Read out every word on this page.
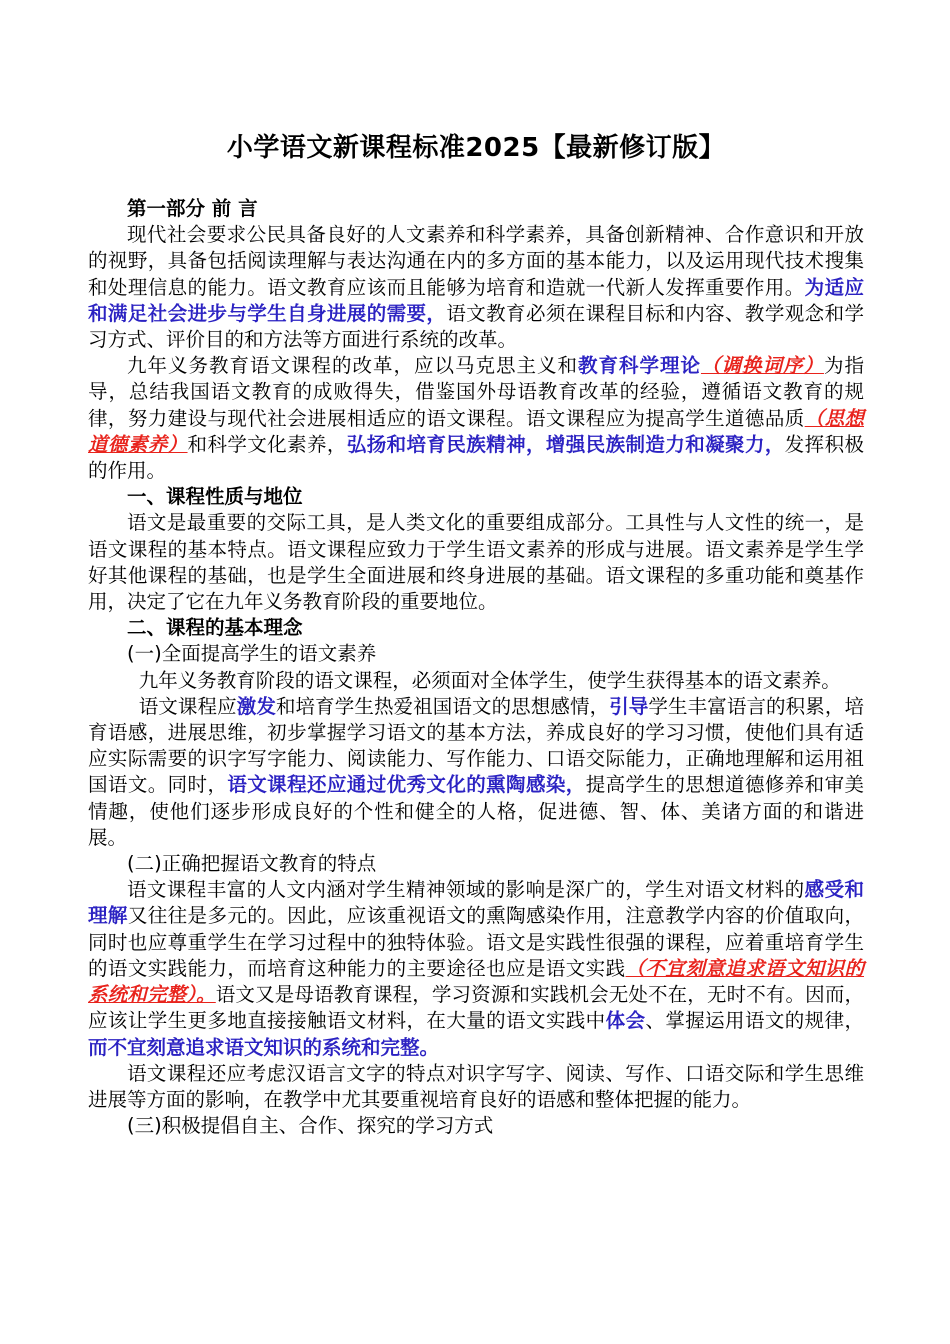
小学语文新课程标准2025【最新修订版】

第一部分 前 言

现代社会要求公民具备良好的人文素养和科学素养，具备创新精神、合作意识和开放的视野，具备包括阅读理解与表达沟通在内的多方面的基本能力，以及运用现代技术搜集和处理信息的能力。语文教育应该而且能够为培育和造就一代新人发挥重要作用。为适应和满足社会进步与学生自身进展的需要，语文教育必须在课程目标和内容、教学观念和学习方式、评价目的和方法等方面进行系统的改革。

九年义务教育语文课程的改革，应以马克思主义和教育科学理论（调换词序）为指导，总结我国语文教育的成败得失，借鉴国外母语教育改革的经验，遵循语文教育的规律，努力建设与现代社会进展相适应的语文课程。语文课程应为提高学生道德品质（思想道德素养）和科学文化素养，弘扬和培育民族精神，增强民族制造力和凝聚力，发挥积极的作用。

一、课程性质与地位

语文是最重要的交际工具，是人类文化的重要组成部分。工具性与人文性的统一，是语文课程的基本特点。语文课程应致力于学生语文素养的形成与进展。语文素养是学生学好其他课程的基础，也是学生全面进展和终身进展的基础。语文课程的多重功能和奠基作用，决定了它在九年义务教育阶段的重要地位。

二、课程的基本理念

(一)全面提高学生的语文素养

九年义务教育阶段的语文课程，必须面对全体学生，使学生获得基本的语文素养。

语文课程应激发和培育学生热爱祖国语文的思想感情，引导学生丰富语言的积累，培育语感，进展思维，初步掌握学习语文的基本方法，养成良好的学习习惯，使他们具有适应实际需要的识字写字能力、阅读能力、写作能力、口语交际能力，正确地理解和运用祖国语文。同时，语文课程还应通过优秀文化的熏陶感染，提高学生的思想道德修养和审美情趣，使他们逐步形成良好的个性和健全的人格，促进德、智、体、美诸方面的和谐进展。

(二)正确把握语文教育的特点

语文课程丰富的人文内涵对学生精神领域的影响是深广的，学生对语文材料的感受和理解又往往是多元的。因此，应该重视语文的熏陶感染作用，注意教学内容的价值取向，同时也应尊重学生在学习过程中的独特体验。语文是实践性很强的课程，应着重培育学生的语文实践能力，而培育这种能力的主要途径也应是语文实践（不宜刻意追求语文知识的系统和完整）。语文又是母语教育课程，学习资源和实践机会无处不在，无时不有。因而，应该让学生更多地直接接触语文材料，在大量的语文实践中体会、掌握运用语文的规律，而不宜刻意追求语文知识的系统和完整。

语文课程还应考虑汉语言文字的特点对识字写字、阅读、写作、口语交际和学生思维进展等方面的影响，在教学中尤其要重视培育良好的语感和整体把握的能力。

(三)积极提倡自主、合作、探究的学习方式
